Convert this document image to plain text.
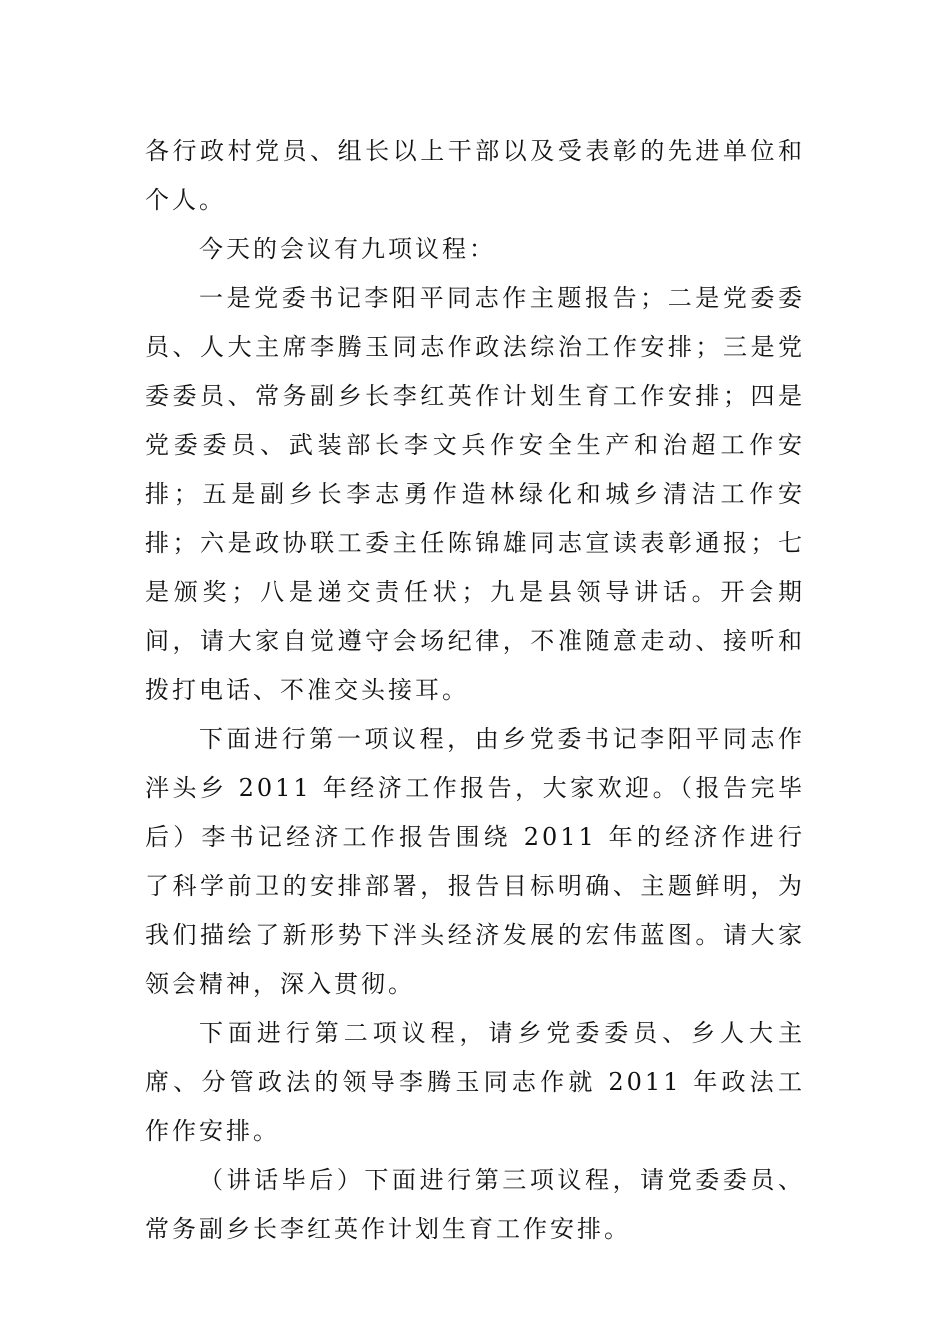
各行政村党员、组长以上干部以及受表彰的先进单位和个人。

今天的会议有九项议程：

一是党委书记李阳平同志作主题报告；二是党委委员、人大主席李腾玉同志作政法综治工作安排；三是党委委员、常务副乡长李红英作计划生育工作安排；四是党委委员、武装部长李文兵作安全生产和治超工作安排；五是副乡长李志勇作造林绿化和城乡清洁工作安排；六是政协联工委主任陈锦雄同志宣读表彰通报；七是颁奖；八是递交责任状；九是县领导讲话。开会期间，请大家自觉遵守会场纪律，不准随意走动、接听和拨打电话、不准交头接耳。

下面进行第一项议程，由乡党委书记李阳平同志作泮头乡 2011 年经济工作报告，大家欢迎。（报告完毕后）李书记经济工作报告围绕 2011 年的经济作进行了科学前卫的安排部署，报告目标明确、主题鲜明，为我们描绘了新形势下泮头经济发展的宏伟蓝图。请大家领会精神，深入贯彻。

下面进行第二项议程，请乡党委委员、乡人大主席、分管政法的领导李腾玉同志作就 2011 年政法工作作安排。

（讲话毕后）下面进行第三项议程，请党委委员、常务副乡长李红英作计划生育工作安排。
